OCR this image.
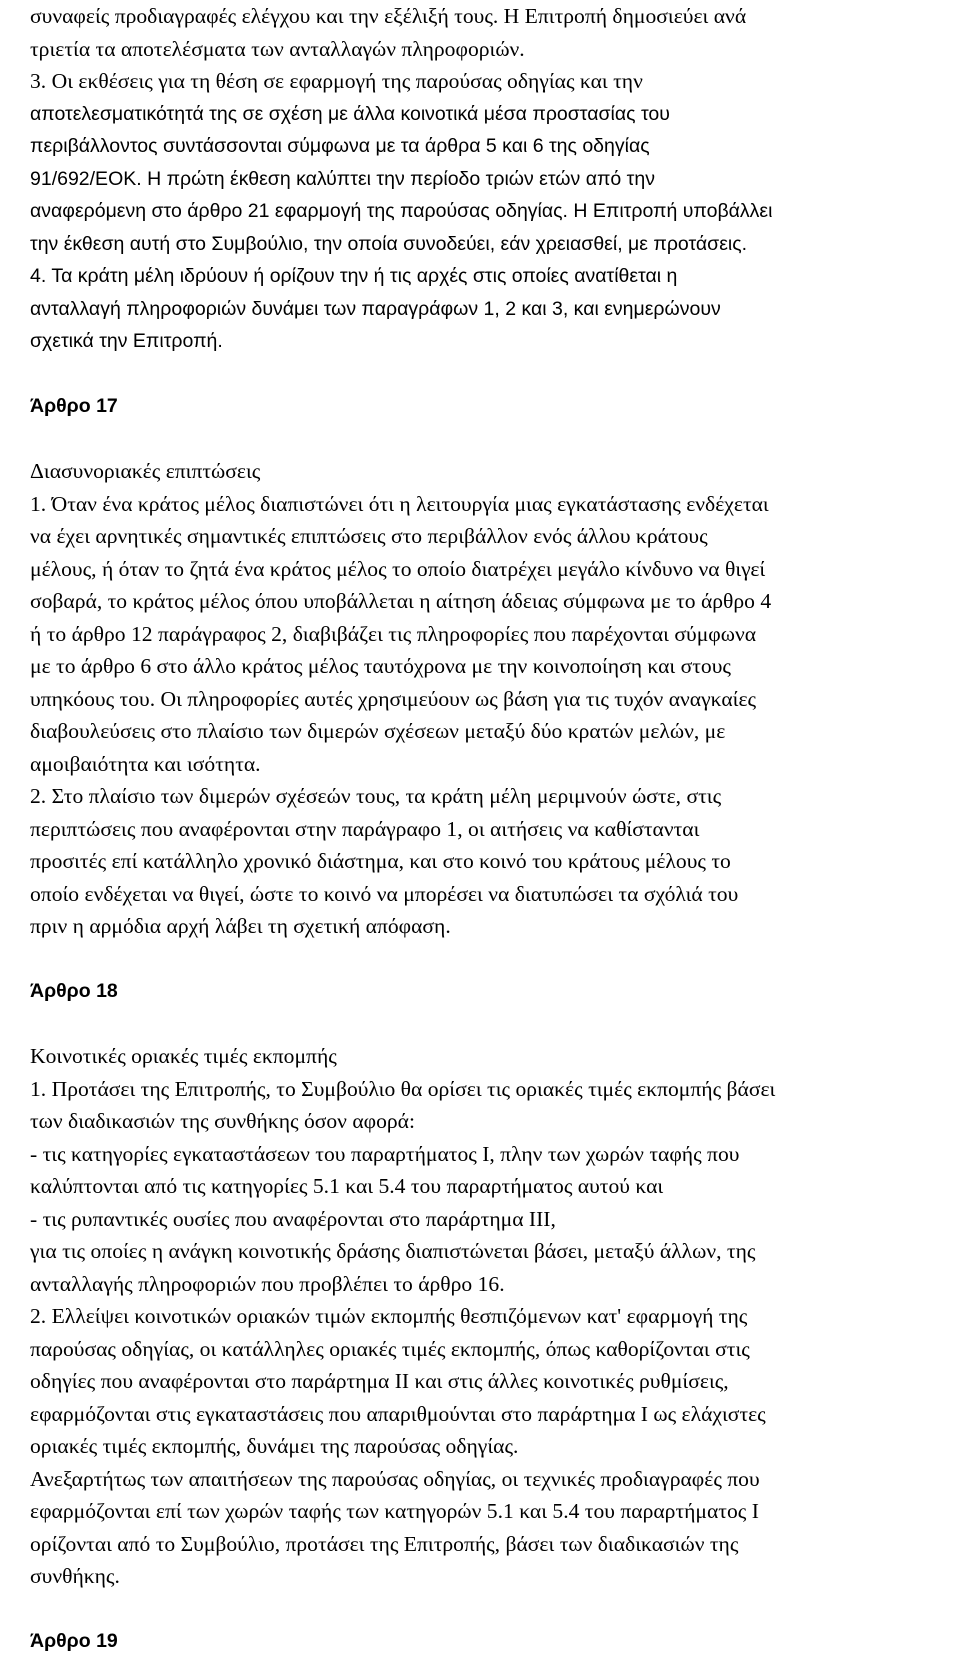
συναφείς προδιαγραφές ελέγχου και την εξέλιξή τους. Η Επιτροπή δημοσιεύει ανά
τριετία τα αποτελέσματα των ανταλλαγών πληροφοριών.
3. Οι εκθέσεις για τη θέση σε εφαρμογή της παρούσας οδηγίας και την
αποτελεσματικότητά της σε σχέση με άλλα κοινοτικά μέσα προστασίας του
περιβάλλοντος συντάσσονται σύμφωνα με τα άρθρα 5 και 6 της οδηγίας
91/692/ΕΟΚ. Η πρώτη έκθεση καλύπτει την περίοδο τριών ετών από την
αναφερόμενη στο άρθρο 21 εφαρμογή της παρούσας οδηγίας. Η Επιτροπή υποβάλλει
την έκθεση αυτή στο Συμβούλιο, την οποία συνοδεύει, εάν χρειασθεί, με προτάσεις.
4. Τα κράτη μέλη ιδρύουν ή ορίζουν την ή τις αρχές στις οποίες ανατίθεται η
ανταλλαγή πληροφοριών δυνάμει των παραγράφων 1, 2 και 3, και ενημερώνουν
σχετικά την Επιτροπή.
Άρθρο 17
Διασυνοριακές επιπτώσεις
1. Όταν ένα κράτος μέλος διαπιστώνει ότι η λειτουργία μιας εγκατάστασης ενδέχεται
να έχει αρνητικές σημαντικές επιπτώσεις στο περιβάλλον ενός άλλου κράτους
μέλους, ή όταν το ζητά ένα κράτος μέλος το οποίο διατρέχει μεγάλο κίνδυνο να θιγεί
σοβαρά, το κράτος μέλος όπου υποβάλλεται η αίτηση άδειας σύμφωνα με το άρθρο 4
ή το άρθρο 12 παράγραφος 2, διαβιβάζει τις πληροφορίες που παρέχονται σύμφωνα
με το άρθρο 6 στο άλλο κράτος μέλος ταυτόχρονα με την κοινοποίηση και στους
υπηκόους του. Οι πληροφορίες αυτές χρησιμεύουν ως βάση για τις τυχόν αναγκαίες
διαβουλεύσεις στο πλαίσιο των διμερών σχέσεων μεταξύ δύο κρατών μελών, με
αμοιβαιότητα και ισότητα.
2. Στο πλαίσιο των διμερών σχέσεών τους, τα κράτη μέλη μεριμνούν ώστε, στις
περιπτώσεις που αναφέρονται στην παράγραφο 1, οι αιτήσεις να καθίστανται
προσιτές επί κατάλληλο χρονικό διάστημα, και στο κοινό του κράτους μέλους το
οποίο ενδέχεται να θιγεί, ώστε το κοινό να μπορέσει να διατυπώσει τα σχόλιά του
πριν η αρμόδια αρχή λάβει τη σχετική απόφαση.
Άρθρο 18
Κοινοτικές οριακές τιμές εκπομπής
1. Προτάσει της Επιτροπής, το Συμβούλιο θα ορίσει τις οριακές τιμές εκπομπής βάσει
των διαδικασιών της συνθήκης όσον αφορά:
- τις κατηγορίες εγκαταστάσεων του παραρτήματος Ι, πλην των χωρών ταφής που
καλύπτονται από τις κατηγορίες 5.1 και 5.4 του παραρτήματος αυτού και
- τις ρυπαντικές ουσίες που αναφέρονται στο παράρτημα ΙΙΙ,
για τις οποίες η ανάγκη κοινοτικής δράσης διαπιστώνεται βάσει, μεταξύ άλλων, της
ανταλλαγής πληροφοριών που προβλέπει το άρθρο 16.
2. Ελλείψει κοινοτικών οριακών τιμών εκπομπής θεσπιζόμενων κατ' εφαρμογή της
παρούσας οδηγίας, οι κατάλληλες οριακές τιμές εκπομπής, όπως καθορίζονται στις
οδηγίες που αναφέρονται στο παράρτημα ΙΙ και στις άλλες κοινοτικές ρυθμίσεις,
εφαρμόζονται στις εγκαταστάσεις που απαριθμούνται στο παράρτημα Ι ως ελάχιστες
οριακές τιμές εκπομπής, δυνάμει της παρούσας οδηγίας.
Ανεξαρτήτως των απαιτήσεων της παρούσας οδηγίας, οι τεχνικές προδιαγραφές που
εφαρμόζονται επί των χωρών ταφής των κατηγορών 5.1 και 5.4 του παραρτήματος Ι
ορίζονται από το Συμβούλιο, προτάσει της Επιτροπής, βάσει των διαδικασιών της
συνθήκης.
Άρθρο 19
